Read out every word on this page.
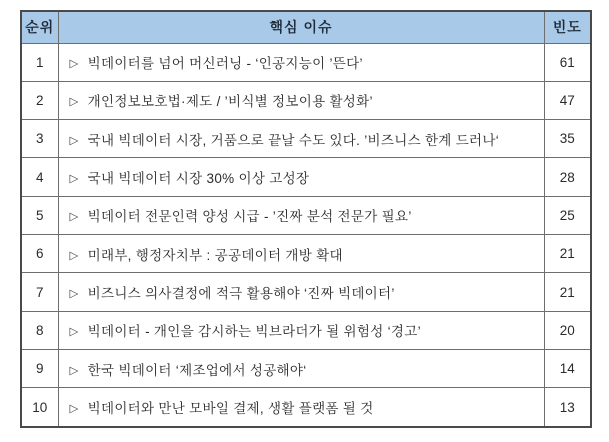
순위	핵심 이슈	빈도
1	▷ 빅데이터를 넘어 머신러닝 - ‘인공지능이 ’뜬다’	61
2	▷ 개인정보보호법·제도 / ’비식별 정보이용 활성화’	47
3	▷ 국내 빅데이터 시장, 거품으로 끝날 수도 있다. ’비즈니스 한계 드러나‘	35
4	▷ 국내 빅데이터 시장 30% 이상 고성장	28
5	▷ 빅데이터 전문인력 양성 시급 - ’진짜 분석 전문가 필요’	25
6	▷ 미래부, 행정자치부 : 공공데이터 개방 확대	21
7	▷ 비즈니스 의사결정에 적극 활용해야 ‘진짜 빅데이터’	21
8	▷ 빅데이터 - 개인을 감시하는 빅브라더가 될 위험성 ‘경고’	20
9	▷ 한국 빅데이터 ‘제조업에서 성공해야‘	14
10	▷ 빅데이터와 만난 모바일 결제, 생활 플랫폼 될 것	13
